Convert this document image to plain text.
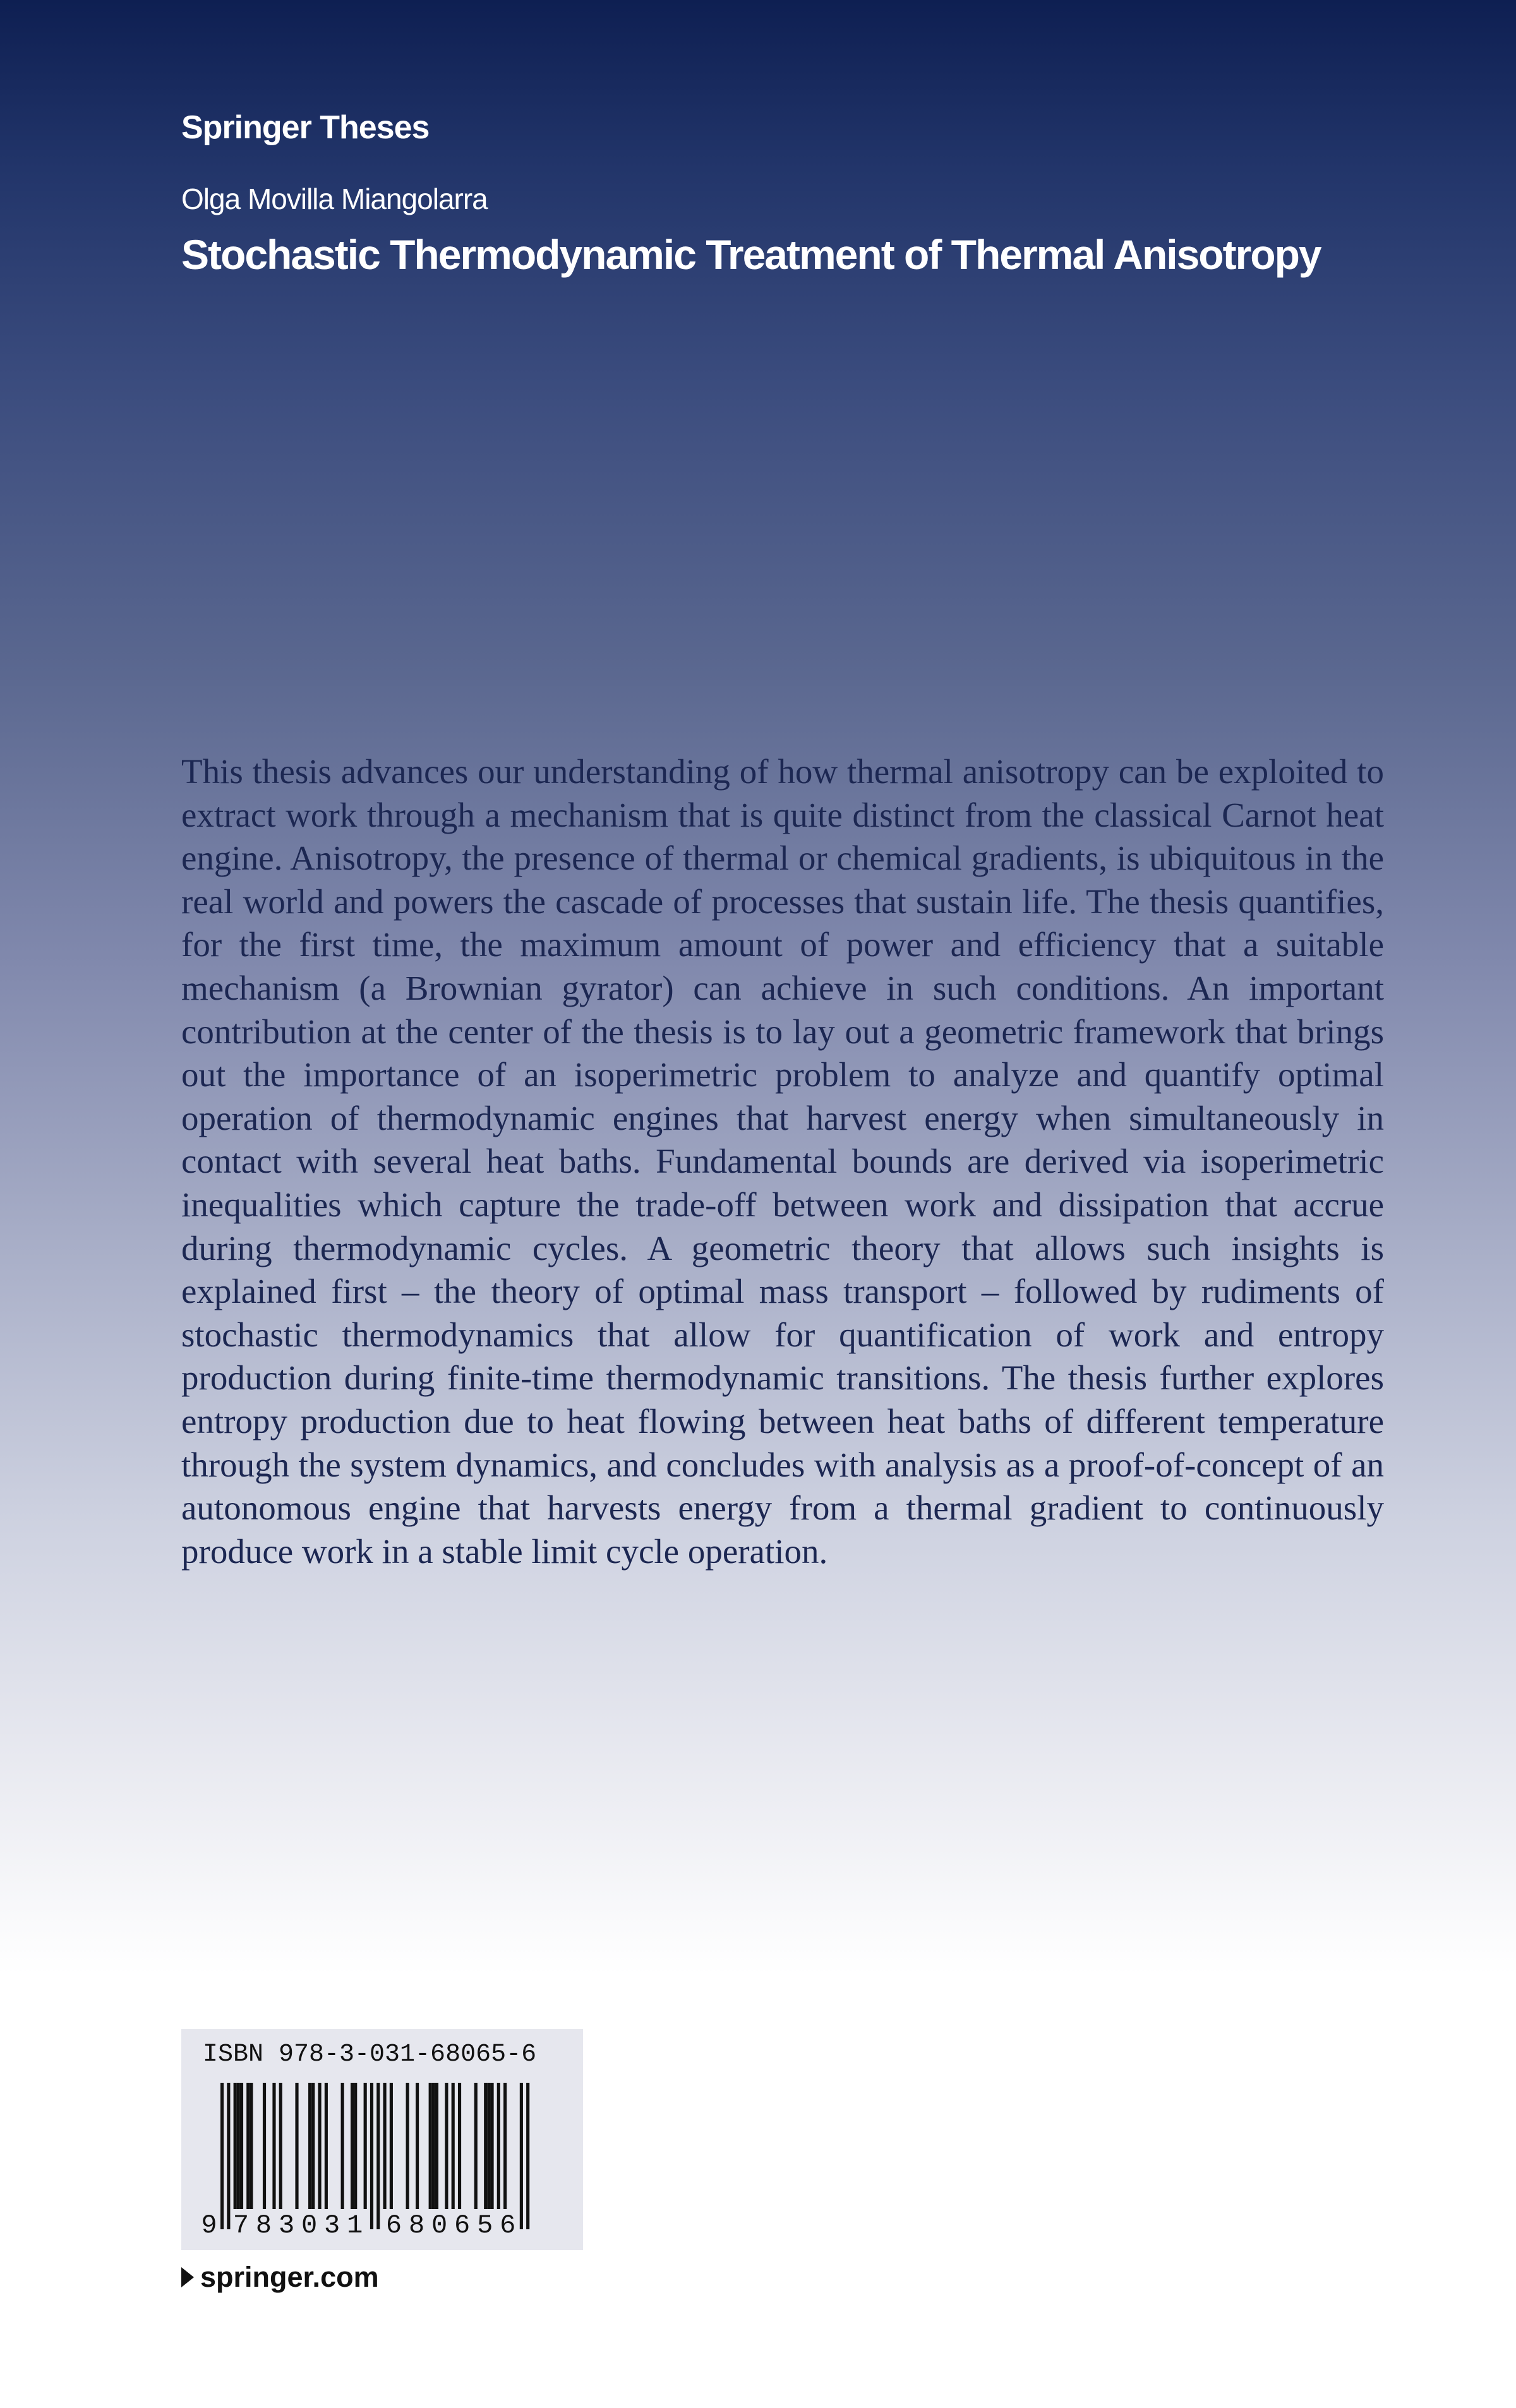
Springer Theses
Olga Movilla Miangolarra
Stochastic Thermodynamic Treatment of Thermal Anisotropy
This thesis advances our understanding of how thermal anisotropy can be exploited to extract work through a mechanism that is quite distinct from the classical Carnot heat engine. Anisotropy, the presence of thermal or chemical gradients, is ubiquitous in the real world and powers the cascade of processes that sustain life. The thesis quantifies, for the first time, the maximum amount of power and efficiency that a suitable mechanism (a Brownian gyrator) can achieve in such conditions. An important contribution at the center of the thesis is to lay out a geometric framework that brings out the importance of an isoperimetric problem to analyze and quantify optimal operation of thermodynamic engines that harvest energy when simultaneously in contact with several heat baths. Fundamental bounds are derived via isoperimetric inequalities which capture the trade-off between work and dissipation that accrue during thermodynamic cycles. A geometric theory that allows such insights is explained first – the theory of optimal mass transport – followed by rudiments of stochastic thermodynamics that allow for quantification of work and entropy production during finite-time thermodynamic transitions. The thesis further explores entropy production due to heat flowing between heat baths of different temperature through the system dynamics, and concludes with analysis as a proof-of-concept of an autonomous engine that harvests energy from a thermal gradient to continuously produce work in a stable limit cycle operation.
ISBN 978-3-031-68065-6
9 7 8 3 0 3 1 6 8 0 6 5 6
springer.com
